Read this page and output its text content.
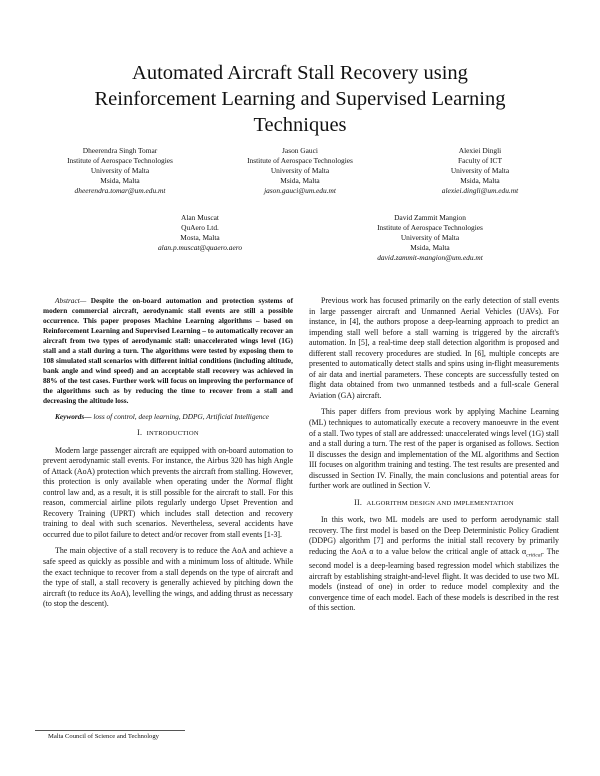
Automated Aircraft Stall Recovery using
Reinforcement Learning and Supervised Learning
Techniques
Dheerendra Singh Tomar
Institute of Aerospace Technologies
University of Malta
Msida, Malta
dheerendra.tomar@um.edu.mt
Jason Gauci
Institute of Aerospace Technologies
University of Malta
Msida, Malta
jason.gauci@um.edu.mt
Alexiei Dingli
Faculty of ICT
University of Malta
Msida, Malta
alexiei.dingli@um.edu.mt
Alan Muscat
QuAero Ltd.
Mosta, Malta
alan.p.muscat@quaero.aero
David Zammit Mangion
Institute of Aerospace Technologies
University of Malta
Msida, Malta
david.zammit-mangion@um.edu.mt

Abstract— Despite the on-board automation and protection systems of modern commercial aircraft, aerodynamic stall events are still a possible occurrence. This paper proposes Machine Learning algorithms – based on Reinforcement Learning and Supervised Learning – to automatically recover an aircraft from two types of aerodynamic stall: unaccelerated wings level (1G) stall and a stall during a turn. The algorithms were tested by exposing them to 108 simulated stall scenarios with different initial conditions (including altitude, bank angle and wind speed) and an acceptable stall recovery was achieved in 88% of the test cases. Further work will focus on improving the performance of the algorithms such as by reducing the time to recover from a stall and decreasing the altitude loss.

Keywords— loss of control, deep learning, DDPG, Artificial Intelligence

I. INTRODUCTION

Modern large passenger aircraft are equipped with on-board automation to prevent aerodynamic stall events. For instance, the Airbus 320 has high Angle of Attack (AoA) protection which prevents the aircraft from stalling. However, this protection is only available when operating under the Normal flight control law and, as a result, it is still possible for the aircraft to stall. For this reason, commercial airline pilots regularly undergo Upset Prevention and Recovery Training (UPRT) which includes stall detection and recovery training to deal with such scenarios. Nevertheless, several accidents have occurred due to pilot failure to detect and/or recover from stall events [1-3].

The main objective of a stall recovery is to reduce the AoA and achieve a safe speed as quickly as possible and with a minimum loss of altitude. While the exact technique to recover from a stall depends on the type of aircraft and the type of stall, a stall recovery is generally achieved by pitching down the aircraft (to reduce its AoA), levelling the wings, and adding thrust as necessary (to stop the descent).

Previous work has focused primarily on the early detection of stall events in large passenger aircraft and Unmanned Aerial Vehicles (UAVs). For instance, in [4], the authors propose a deep-learning approach to predict an impending stall well before a stall warning is triggered by the aircraft's automation. In [5], a real-time deep stall detection algorithm is proposed and different stall recovery procedures are studied. In [6], multiple concepts are presented to automatically detect stalls and spins using in-flight measurements of air data and inertial parameters. These concepts are successfully tested on flight data obtained from two unmanned testbeds and a full-scale General Aviation (GA) aircraft.

This paper differs from previous work by applying Machine Learning (ML) techniques to automatically execute a recovery manoeuvre in the event of a stall. Two types of stall are addressed: unaccelerated wings level (1G) stall and a stall during a turn. The rest of the paper is organised as follows. Section II discusses the design and implementation of the ML algorithms and Section III focuses on algorithm training and testing. The test results are presented and discussed in Section IV. Finally, the main conclusions and potential areas for further work are outlined in Section V.

II. ALGORITHM DESIGN AND IMPLEMENTATION

In this work, two ML models are used to perform aerodynamic stall recovery. The first model is based on the Deep Deterministic Policy Gradient (DDPG) algorithm [7] and performs the initial stall recovery by primarily reducing the AoA α to a value below the critical angle of attack $\alpha_{critical}$. The second model is a deep-learning based regression model which stabilizes the aircraft by establishing straight-and-level flight. It was decided to use two ML models (instead of one) in order to reduce model complexity and the convergence time of each model. Each of these models is described in the rest of this section.

Malta Council of Science and Technology
